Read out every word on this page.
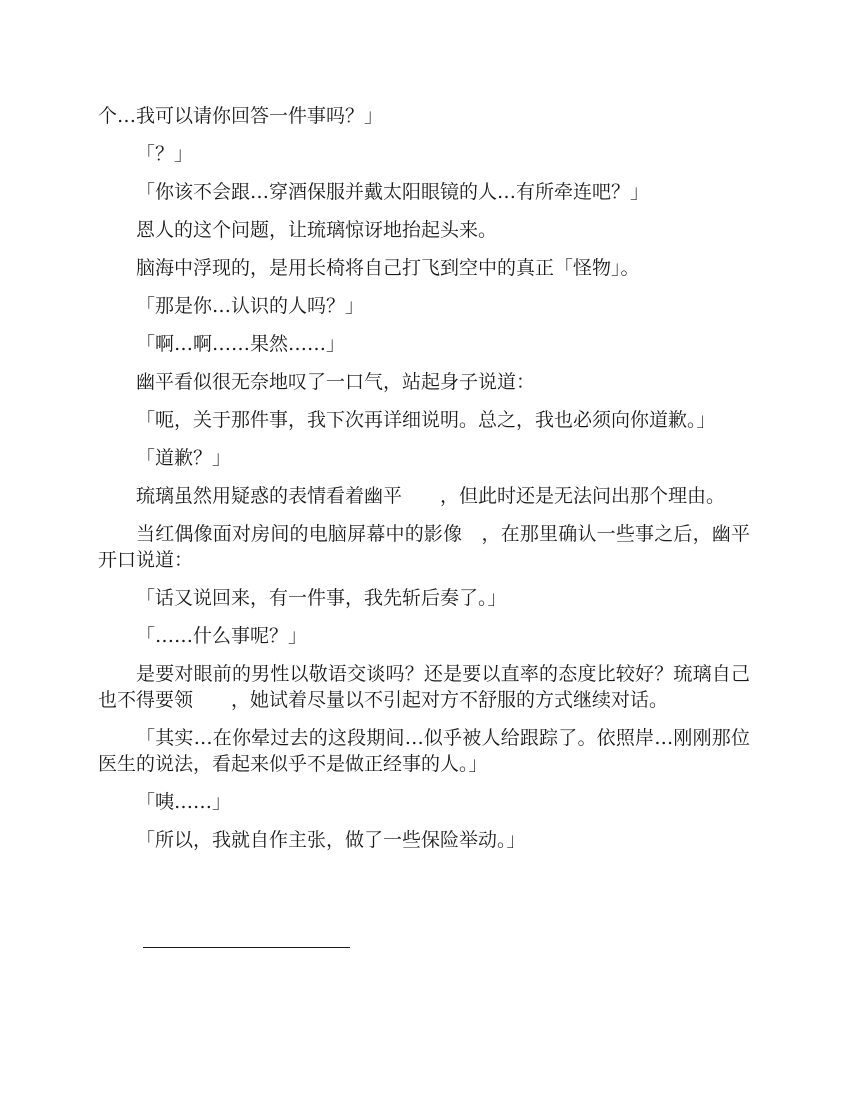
个…我可以请你回答一件事吗？」

「？」

「你该不会跟…穿酒保服并戴太阳眼镜的人…有所牵连吧？」

恩人的这个问题，让琉璃惊讶地抬起头来。

脑海中浮现的，是用长椅将自己打飞到空中的真正「怪物」。

「那是你…认识的人吗？」

「啊…啊……果然……」

幽平看似很无奈地叹了一口气，站起身子说道：

「呃，关于那件事，我下次再详细说明。总之，我也必须向你道歉。」

「道歉？」

琉璃虽然用疑惑的表情看着幽平　　，但此时还是无法问出那个理由。

当红偶像面对房间的电脑屏幕中的影像　，在那里确认一些事之后，幽平开口说道：

「话又说回来，有一件事，我先斩后奏了。」

「……什么事呢？」

是要对眼前的男性以敬语交谈吗？还是要以直率的态度比较好？琉璃自己也不得要领　　，她试着尽量以不引起对方不舒服的方式继续对话。

「其实…在你晕过去的这段期间…似乎被人给跟踪了。依照岸…刚刚那位医生的说法，看起来似乎不是做正经事的人。」

「咦……」

「所以，我就自作主张，做了一些保险举动。」
